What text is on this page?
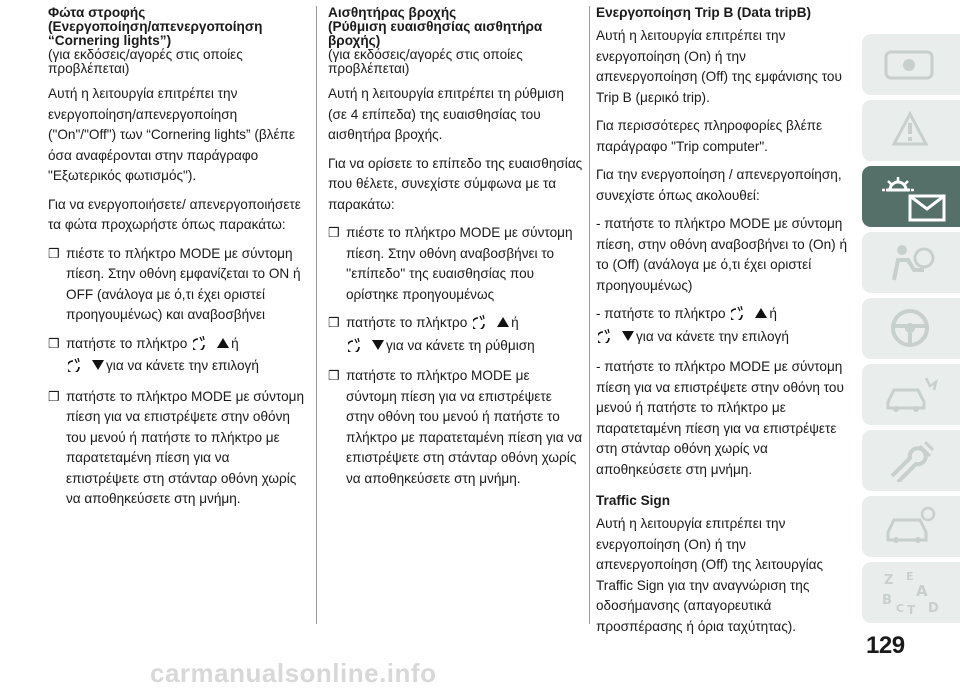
Φώτα στροφής
(Ενεργοποίηση/απενεργοποίηση
“Cornering lights”)
(για εκδόσεις/αγορές στις οποίες προβλέπεται)

Αυτή η λειτουργία επιτρέπει την ενεργοποίηση/απενεργοποίηση ("On"/"Off") των “Cornering lights” (βλέπε όσα αναφέρονται στην παράγραφο "Εξωτερικός φωτισμός").

Για να ενεργοποιήσετε/ απενεργοποιήσετε τα φώτα προχωρήστε όπως παρακάτω:

❒ πιέστε το πλήκτρο MODE με σύντομη πίεση. Στην οθόνη εμφανίζεται το ON ή OFF (ανάλογα με ό,τι έχει οριστεί προηγουμένως) και αναβοσβήνει
❒ πατήστε το πλήκτρο	ή
για να κάνετε την επιλογή
❒ πατήστε το πλήκτρο MODE με σύντομη πίεση για να επιστρέψετε στην οθόνη του μενού ή πατήστε το πλήκτρο με παρατεταμένη πίεση για να επιστρέψετε στη στάνταρ οθόνη χωρίς να αποθηκεύσετε στη μνήμη.
Αισθητήρας βροχής
(Ρύθμιση ευαισθησίας αισθητήρα
βροχής)
(για εκδόσεις/αγορές στις οποίες προβλέπεται)

Αυτή η λειτουργία επιτρέπει τη ρύθμιση (σε 4 επίπεδα) της ευαισθησίας του αισθητήρα βροχής.

Για να ορίσετε το επίπεδο της ευαισθησίας που θέλετε, συνεχίστε σύμφωνα με τα παρακάτω:

❒ πιέστε το πλήκτρο MODE με σύντομη πίεση. Στην οθόνη αναβοσβήνει το ''επίπεδο'' της ευαισθησίας που ορίστηκε προηγουμένως
❒ πατήστε το πλήκτρο	ή
για να κάνετε τη ρύθμιση
❒ πατήστε το πλήκτρο MODE με σύντομη πίεση για να επιστρέψετε στην οθόνη του μενού ή πατήστε το πλήκτρο με παρατεταμένη πίεση για να επιστρέψετε στη στάνταρ οθόνη χωρίς να αποθηκεύσετε στη μνήμη.
Ενεργοποίηση Trip B (Data tripB)

Αυτή η λειτουργία επιτρέπει την ενεργοποίηση (On) ή την απενεργοποίηση (Off) της εμφάνισης του Trip B (μερικό trip).

Για περισσότερες πληροφορίες βλέπε παράγραφο "Trip computer".

Για την ενεργοποίηση / απενεργοποίηση, συνεχίστε όπως ακολουθεί:

- πατήστε το πλήκτρο MODE με σύντομη πίεση, στην οθόνη αναβοσβήνει το (On) ή το (Off) (ανάλογα με ό,τι έχει οριστεί προηγουμένως)

- πατήστε το πλήκτρο	ή
για να κάνετε την επιλογή

- πατήστε το πλήκτρο MODE με σύντομη πίεση για να επιστρέψετε στην οθόνη του μενού ή πατήστε το πλήκτρο με παρατεταμένη πίεση για να επιστρέψετε στη στάνταρ οθόνη χωρίς να αποθηκεύσετε στη μνήμη.

Traffic Sign

Αυτή η λειτουργία επιτρέπει την ενεργοποίηση (On) ή την απενεργοποίηση (Off) της λειτουργίας Traffic Sign για την αναγνώριση της οδοσήμανσης (απαγορευτικά προσπέρασης ή όρια ταχύτητας).

Z E
A
B
C T D
129
carmanualsonline.info
